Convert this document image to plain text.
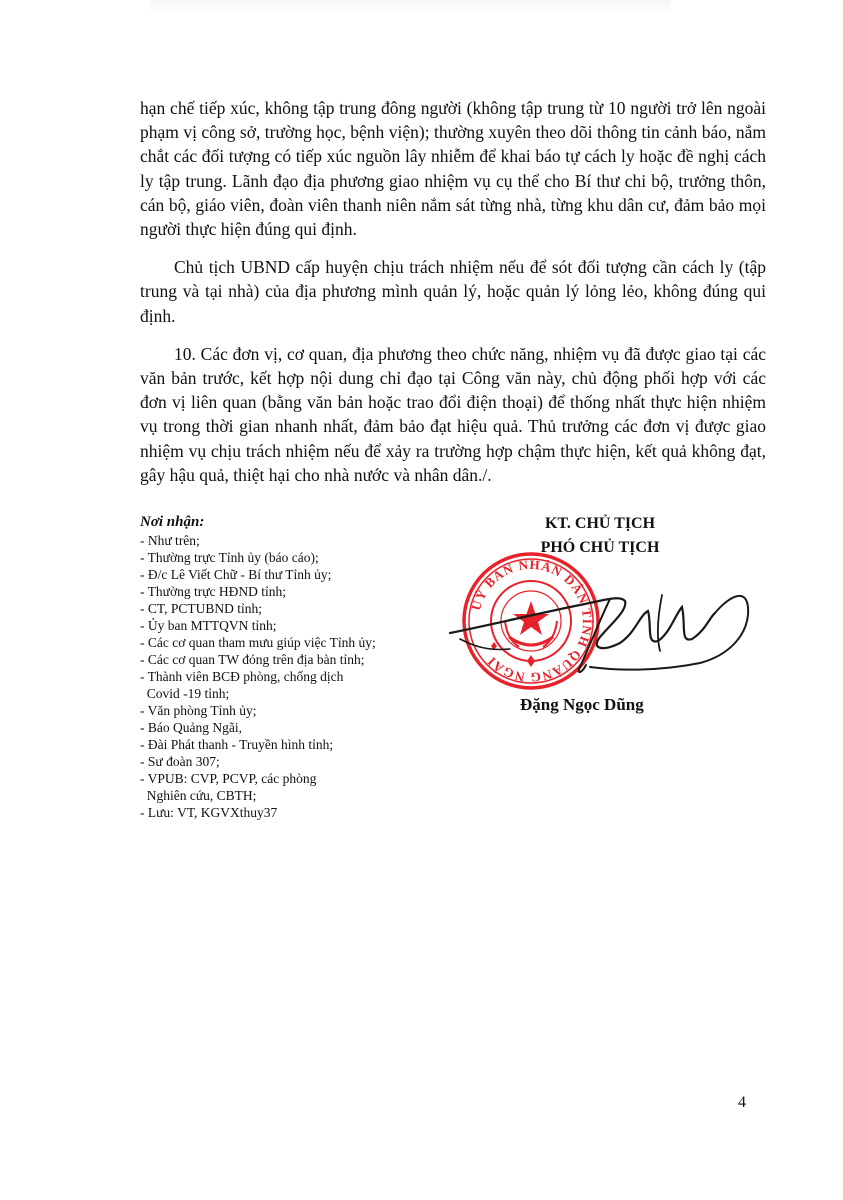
hạn chế tiếp xúc, không tập trung đông người (không tập trung từ 10 người trở lên ngoài phạm vị công sở, trường học, bệnh viện); thường xuyên theo dõi thông tin cảnh báo, nắm chắt các đối tượng có tiếp xúc nguồn lây nhiễm để khai báo tự cách ly hoặc đề nghị cách ly tập trung. Lãnh đạo địa phương giao nhiệm vụ cụ thể cho Bí thư chi bộ, trưởng thôn, cán bộ, giáo viên, đoàn viên thanh niên nắm sát từng nhà, từng khu dân cư, đảm bảo mọi người thực hiện đúng qui định.

Chủ tịch UBND cấp huyện chịu trách nhiệm nếu để sót đối tượng cần cách ly (tập trung và tại nhà) của địa phương mình quản lý, hoặc quản lý lỏng lẻo, không đúng qui định.

10. Các đơn vị, cơ quan, địa phương theo chức năng, nhiệm vụ đã được giao tại các văn bản trước, kết hợp nội dung chỉ đạo tại Công văn này, chủ động phối hợp với các đơn vị liên quan (bằng văn bản hoặc trao đổi điện thoại) để thống nhất thực hiện nhiệm vụ trong thời gian nhanh nhất, đảm bảo đạt hiệu quả. Thủ trưởng các đơn vị được giao nhiệm vụ chịu trách nhiệm nếu để xảy ra trường hợp chậm thực hiện, kết quả không đạt, gây hậu quả, thiệt hại cho nhà nước và nhân dân./.

Nơi nhận:
- Như trên;
- Thường trực Tỉnh ủy (báo cáo);
- Đ/c Lê Viết Chữ - Bí thư Tỉnh ủy;
- Thường trực HĐND tỉnh;
- CT, PCTUBND tỉnh;
- Ủy ban MTTQVN tỉnh;
- Các cơ quan tham mưu giúp việc Tỉnh ủy;
- Các cơ quan TW đóng trên địa bàn tỉnh;
- Thành viên BCĐ phòng, chống dịch
Covid -19 tỉnh;
- Văn phòng Tỉnh ủy;
- Báo Quảng Ngãi,
- Đài Phát thanh - Truyền hình tỉnh;
- Sư đoàn 307;
- VPUB: CVP, PCVP, các phòng
Nghiên cứu, CBTH;
- Lưu: VT, KGVXthuy37
KT. CHỦ TỊCH
PHÓ CHỦ TỊCH
UỶ BAN NHÂN DÂN TỈNH QUẢNG NGÃI
Đặng Ngọc Dũng
4
